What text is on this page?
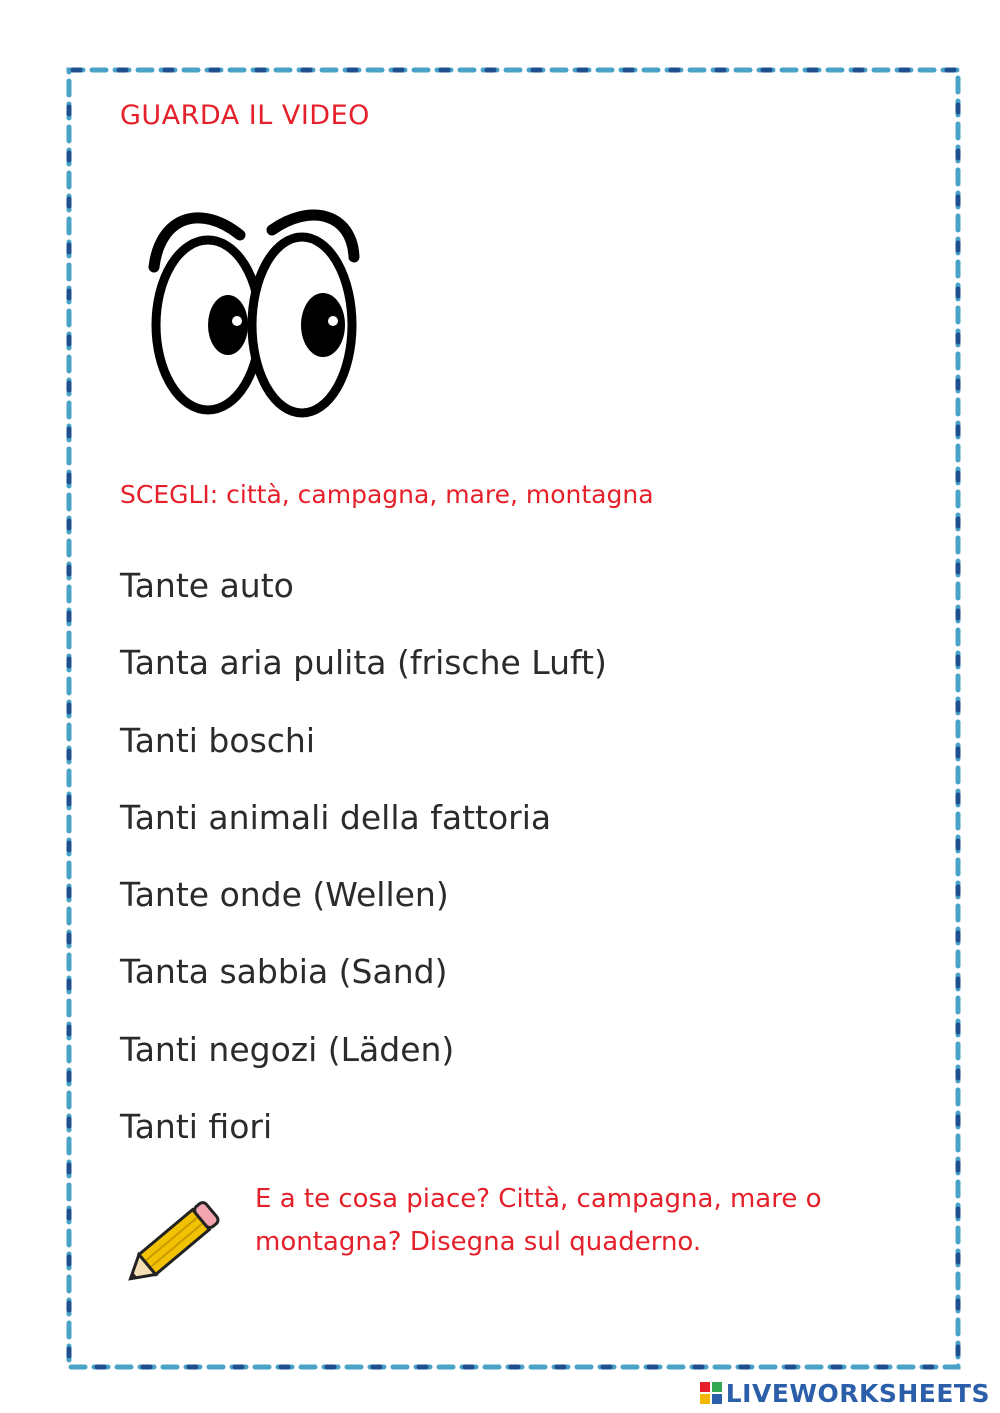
GUARDA IL VIDEO
SCEGLI: città, campagna, mare, montagna
Tante auto
Tanta aria pulita (frische Luft)
Tanti boschi
Tanti animali della fattoria
Tante onde (Wellen)
Tanta sabbia (Sand)
Tanti negozi (Läden)
Tanti fiori
E a te cosa piace? Città, campagna, mare o
montagna? Disegna sul quaderno.
LIVEWORKSHEETS
